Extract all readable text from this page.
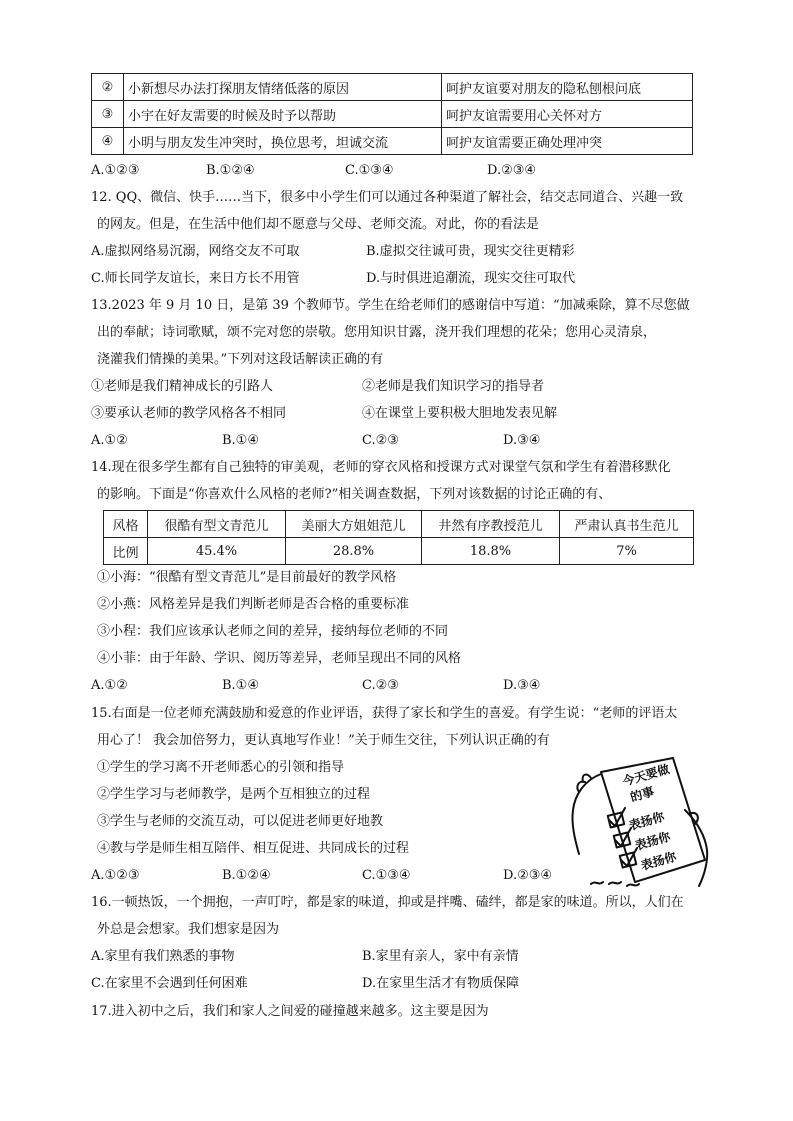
②	小新想尽办法打探朋友情绪低落的原因	呵护友谊要对朋友的隐私刨根问底
③	小宇在好友需要的时候及时予以帮助	呵护友谊需要用心关怀对方
④	小明与朋友发生冲突时，换位思考，坦诚交流	呵护友谊需要正确处理冲突
A.①②③	B.①②④	C.①③④	D.②③④
12. QQ、微信、快手……当下，很多中小学生们可以通过各种渠道了解社会，结交志同道合、兴趣一致
的网友。但是，在生活中他们却不愿意与父母、老师交流。对此，你的看法是
A.虚拟网络易沉溺，网络交友不可取	B.虚拟交往诚可贵，现实交往更精彩
C.师长同学友谊长，来日方长不用管	D.与时俱进追潮流，现实交往可取代
13.2023 年 9 月 10 日，是第 39 个教师节。学生在给老师们的感谢信中写道：“加减乘除，算不尽您做
出的奉献；诗词歌赋，颂不完对您的崇敬。您用知识甘露，浇开我们理想的花朵；您用心灵清泉，
浇灌我们情操的美果。”下列对这段话解读正确的有
①老师是我们精神成长的引路人	②老师是我们知识学习的指导者
③要承认老师的教学风格各不相同	④在课堂上要积极大胆地发表见解
A.①②	B.①④	C.②③	D.③④
14.现在很多学生都有自己独特的审美观，老师的穿衣风格和授课方式对课堂气氛和学生有着潜移默化
的影响。下面是“你喜欢什么风格的老师?”相关调查数据，下列对该数据的讨论正确的有、
风格	很酷有型文青范儿	美丽大方姐姐范儿	井然有序教授范儿	严肃认真书生范儿
比例	45.4%	28.8%	18.8%	7%
①小海：“很酷有型文青范儿”是目前最好的教学风格
②小燕：风格差异是我们判断老师是否合格的重要标准
③小程：我们应该承认老师之间的差异，接纳每位老师的不同
④小菲：由于年龄、学识、阅历等差异，老师呈现出不同的风格
A.①②	B.①④	C.②③	D.③④
15.右面是一位老师充满鼓励和爱意的作业评语，获得了家长和学生的喜爱。有学生说：“老师的评语太
用心了！ 我会加倍努力，更认真地写作业！”关于师生交往，下列认识正确的有
①学生的学习离不开老师悉心的引领和指导
②学生学习与老师教学，是两个互相独立的过程
③学生与老师的交流互动，可以促进老师更好地教
④教与学是师生相互陪伴、相互促进、共同成长的过程
A.①②③	B.①②④	C.①③④	D.②③④
今天要做
的事
表扬你
表扬你
表扬你
16.一顿热饭，一个拥抱，一声叮咛，都是家的味道，抑或是拌嘴、磕绊，都是家的味道。所以，人们在
外总是会想家。我们想家是因为
A.家里有我们熟悉的事物	B.家里有亲人，家中有亲情
C.在家里不会遇到任何困难	D.在家里生活才有物质保障
17.进入初中之后，我们和家人之间爱的碰撞越来越多。这主要是因为
